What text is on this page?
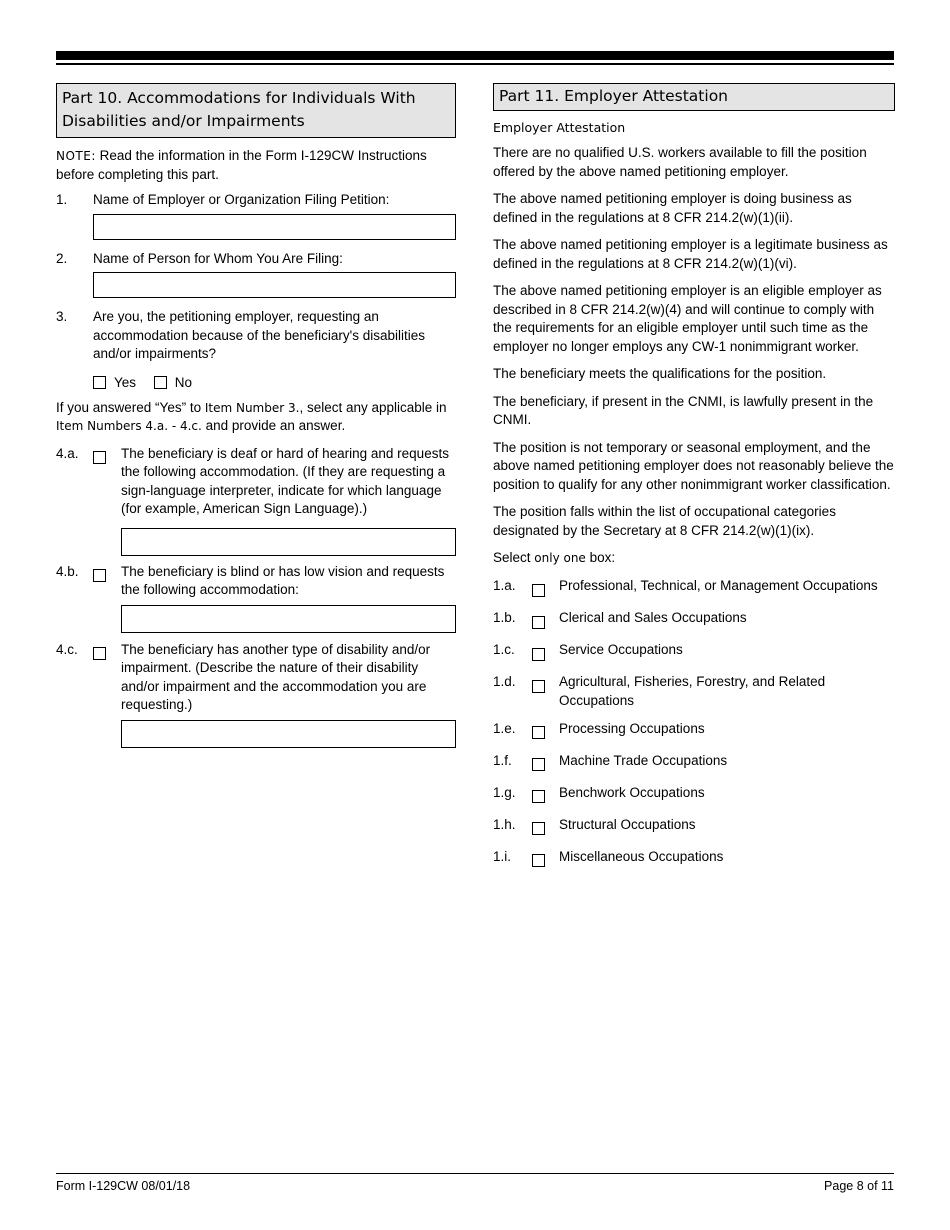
Part 10. Accommodations for Individuals With Disabilities and/or Impairments

NOTE: Read the information in the Form I-129CW Instructions before completing this part.

1.	Name of Employer or Organization Filing Petition:
2.	Name of Person for Whom You Are Filing:
3.	Are you, the petitioning employer, requesting an accommodation because of the beneficiary's disabilities and/or impairments?
Yes	No

If you answered “Yes” to Item Number 3., select any applicable in Item Numbers 4.a. - 4.c. and provide an answer.

4.a.	The beneficiary is deaf or hard of hearing and requests the following accommodation. (If they are requesting a sign-language interpreter, indicate for which language (for example, American Sign Language).)
4.b.	The beneficiary is blind or has low vision and requests the following accommodation:
4.c.	The beneficiary has another type of disability and/or impairment. (Describe the nature of their disability and/or impairment and the accommodation you are requesting.)
Part 11. Employer Attestation
Employer Attestation

There are no qualified U.S. workers available to fill the position offered by the above named petitioning employer.

The above named petitioning employer is doing business as defined in the regulations at 8 CFR 214.2(w)(1)(ii).

The above named petitioning employer is a legitimate business as defined in the regulations at 8 CFR 214.2(w)(1)(vi).

The above named petitioning employer is an eligible employer as described in 8 CFR 214.2(w)(4) and will continue to comply with the requirements for an eligible employer until such time as the employer no longer employs any CW-1 nonimmigrant worker.

The beneficiary meets the qualifications for the position.

The beneficiary, if present in the CNMI, is lawfully present in the CNMI.

The position is not temporary or seasonal employment, and the above named petitioning employer does not reasonably believe the position to qualify for any other nonimmigrant worker classification.

The position falls within the list of occupational categories designated by the Secretary at 8 CFR 214.2(w)(1)(ix).

Select only one box:

1.a.	Professional, Technical, or Management Occupations
1.b.	Clerical and Sales Occupations
1.c.	Service Occupations
1.d.	Agricultural, Fisheries, Forestry, and Related Occupations
1.e.	Processing Occupations
1.f.	Machine Trade Occupations
1.g.	Benchwork Occupations
1.h.	Structural Occupations
1.i.	Miscellaneous Occupations
Form I-129CW 08/01/18	Page 8 of 11
